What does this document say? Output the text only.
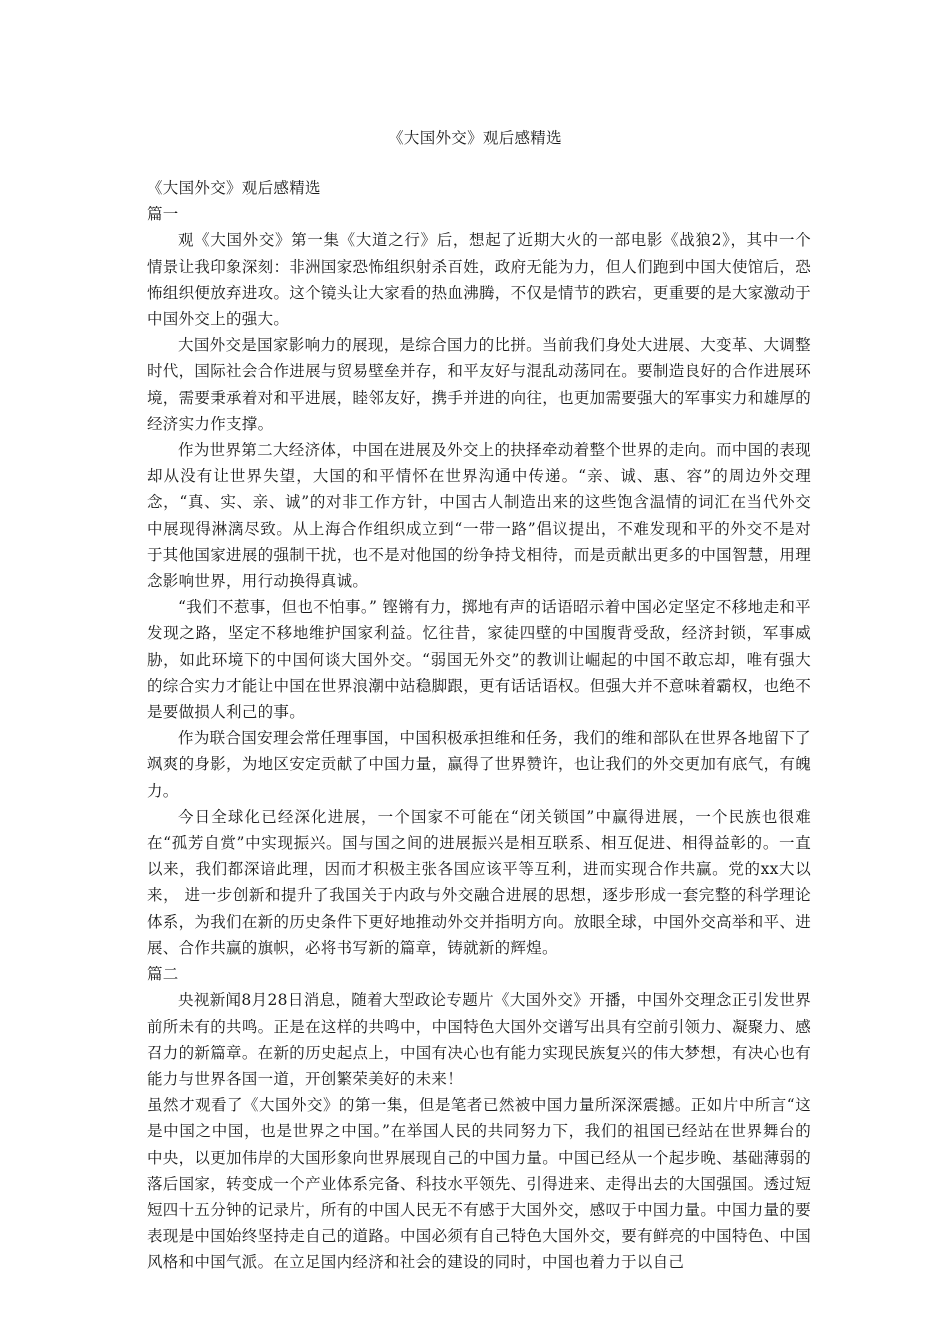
《大国外交》观后感精选
《大国外交》观后感精选
篇一

观《大国外交》第一集《大道之行》后，想起了近期大火的一部电影《战狼2》，其中一个情景让我印象深刻：非洲国家恐怖组织射杀百姓，政府无能为力，但人们跑到中国大使馆后，恐怖组织便放弃进攻。这个镜头让大家看的热血沸腾，不仅是情节的跌宕，更重要的是大家激动于中国外交上的强大。

大国外交是国家影响力的展现，是综合国力的比拼。当前我们身处大进展、大变革、大调整时代，国际社会合作进展与贸易壁垒并存，和平友好与混乱动荡同在。要制造良好的合作进展环境，需要秉承着对和平进展，睦邻友好，携手并进的向往，也更加需要强大的军事实力和雄厚的经济实力作支撑。

作为世界第二大经济体，中国在进展及外交上的抉择牵动着整个世界的走向。而中国的表现却从没有让世界失望，大国的和平情怀在世界沟通中传递。“亲、诚、惠、容”的周边外交理念，“真、实、亲、诚”的对非工作方针，中国古人制造出来的这些饱含温情的词汇在当代外交中展现得淋漓尽致。从上海合作组织成立到“一带一路”倡议提出，不难发现和平的外交不是对于其他国家进展的强制干扰，也不是对他国的纷争持戈相待，而是贡献出更多的中国智慧，用理念影响世界，用行动换得真诚。

“我们不惹事，但也不怕事。” 铿锵有力，掷地有声的话语昭示着中国必定坚定不移地走和平发现之路，坚定不移地维护国家利益。忆往昔，家徒四壁的中国腹背受敌，经济封锁，军事威胁，如此环境下的中国何谈大国外交。“弱国无外交”的教训让崛起的中国不敢忘却，唯有强大的综合实力才能让中国在世界浪潮中站稳脚跟，更有话话语权。但强大并不意味着霸权，也绝不是要做损人利己的事。

作为联合国安理会常任理事国，中国积极承担维和任务，我们的维和部队在世界各地留下了飒爽的身影，为地区安定贡献了中国力量，赢得了世界赞许，也让我们的外交更加有底气，有魄力。

今日全球化已经深化进展，一个国家不可能在“闭关锁国”中赢得进展，一个民族也很难在“孤芳自赏”中实现振兴。国与国之间的进展振兴是相互联系、相互促进、相得益彰的。一直以来，我们都深谙此理，因而才积极主张各国应该平等互利，进而实现合作共赢。党的xx大以来， 进一步创新和提升了我国关于内政与外交融合进展的思想，逐步形成一套完整的科学理论体系，为我们在新的历史条件下更好地推动外交并指明方向。放眼全球，中国外交高举和平、进展、合作共赢的旗帜，必将书写新的篇章，铸就新的辉煌。

篇二

央视新闻8月28日消息，随着大型政论专题片《大国外交》开播，中国外交理念正引发世界前所未有的共鸣。正是在这样的共鸣中，中国特色大国外交谱写出具有空前引领力、凝聚力、感召力的新篇章。在新的历史起点上，中国有决心也有能力实现民族复兴的伟大梦想，有决心也有能力与世界各国一道，开创繁荣美好的未来！

虽然才观看了《大国外交》的第一集，但是笔者已然被中国力量所深深震撼。正如片中所言“这是中国之中国，也是世界之中国。”在举国人民的共同努力下，我们的祖国已经站在世界舞台的中央，以更加伟岸的大国形象向世界展现自己的中国力量。中国已经从一个起步晚、基础薄弱的落后国家，转变成一个产业体系完备、科技水平领先、引得进来、走得出去的大国强国。透过短短四十五分钟的记录片，所有的中国人民无不有感于大国外交，感叹于中国力量。中国力量的要表现是中国始终坚持走自己的道路。中国必须有自己特色大国外交，要有鲜亮的中国特色、中国风格和中国气派。在立足国内经济和社会的建设的同时，中国也着力于以自己
